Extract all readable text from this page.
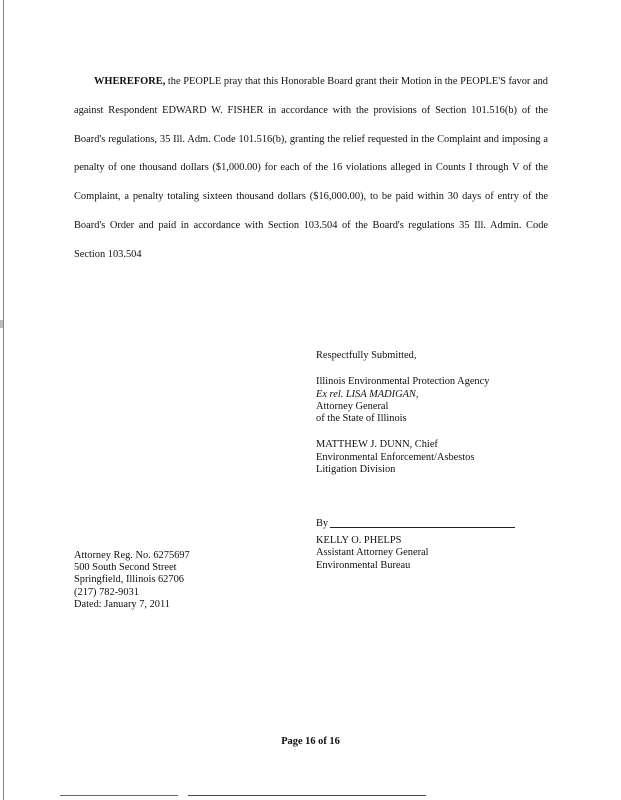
WHEREFORE, the PEOPLE pray that this Honorable Board grant their Motion in the PEOPLE'S favor and against Respondent EDWARD W. FISHER in accordance with the provisions of Section 101.516(b) of the Board's regulations, 35 Ill. Adm. Code 101.516(b), granting the relief requested in the Complaint and imposing a penalty of one thousand dollars ($1,000.00) for each of the 16 violations alleged in Counts I through V of the Complaint, a penalty totaling sixteen thousand dollars ($16,000.00), to be paid within 30 days of entry of the Board's Order and paid in accordance with Section 103.504 of the Board's regulations 35 Ill. Admin. Code Section 103.504

Respectfully Submitted,
Illinois Environmental Protection Agency
Ex rel. LISA MADIGAN,
Attorney General
of the State of Illinois
MATTHEW J. DUNN, Chief
Environmental Enforcement/Asbestos
Litigation Division
By
KELLY O. PHELPS
Assistant Attorney General
Environmental Bureau
Attorney Reg. No. 6275697
500 South Second Street
Springfield, Illinois 62706
(217) 782-9031
Dated: January 7, 2011
Page 16 of 16
